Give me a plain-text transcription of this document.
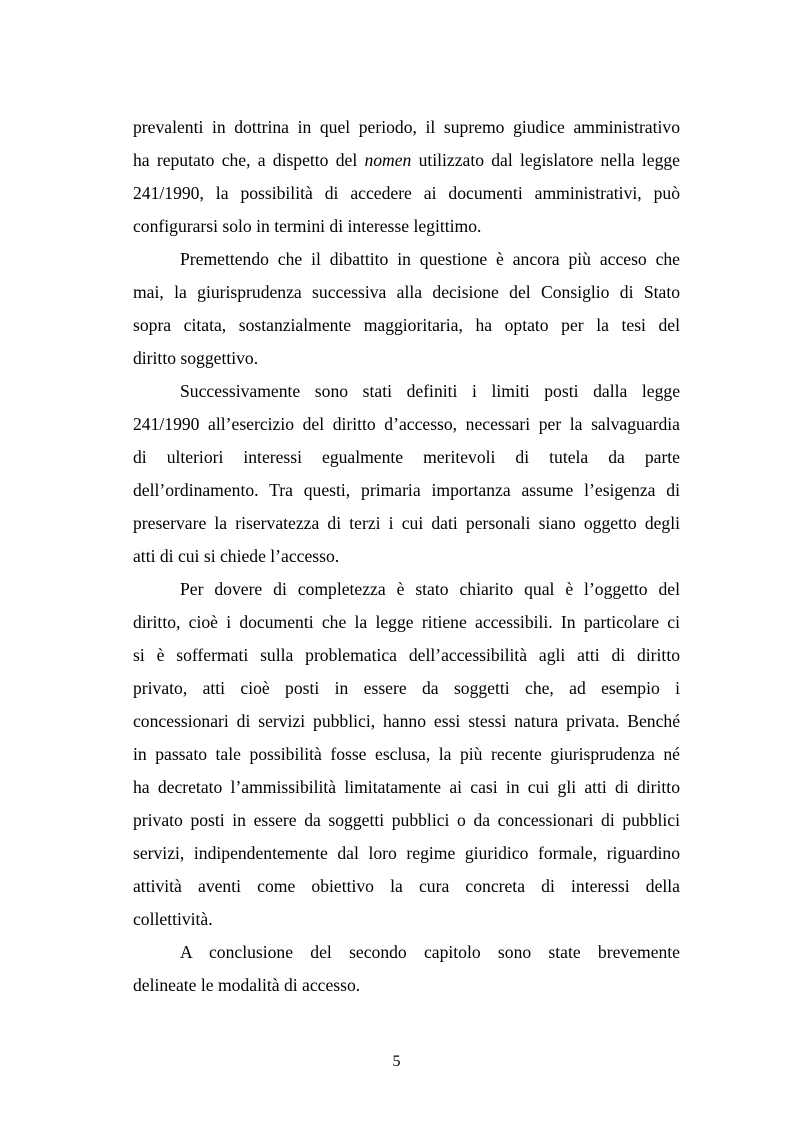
prevalenti in dottrina in quel periodo, il supremo giudice amministrativo
ha reputato che, a dispetto del nomen utilizzato dal legislatore nella legge
241/1990, la possibilità di accedere ai documenti amministrativi, può
configurarsi solo in termini di interesse legittimo.
Premettendo che il dibattito in questione è ancora più acceso che
mai, la giurisprudenza successiva alla decisione del Consiglio di Stato
sopra citata, sostanzialmente maggioritaria, ha optato per la tesi del
diritto soggettivo.
Successivamente sono stati definiti i limiti posti dalla legge
241/1990 all’esercizio del diritto d’accesso, necessari per la salvaguardia
di ulteriori interessi egualmente meritevoli di tutela da parte
dell’ordinamento. Tra questi, primaria importanza assume l’esigenza di
preservare la riservatezza di terzi i cui dati personali siano oggetto degli
atti di cui si chiede l’accesso.
Per dovere di completezza è stato chiarito qual è l’oggetto del
diritto, cioè i documenti che la legge ritiene accessibili. In particolare ci
si è soffermati sulla problematica dell’accessibilità agli atti di diritto
privato, atti cioè posti in essere da soggetti che, ad esempio i
concessionari di servizi pubblici, hanno essi stessi natura privata. Benché
in passato tale possibilità fosse esclusa, la più recente giurisprudenza né
ha decretato l’ammissibilità limitatamente ai casi in cui gli atti di diritto
privato posti in essere da soggetti pubblici o da concessionari di pubblici
servizi, indipendentemente dal loro regime giuridico formale, riguardino
attività aventi come obiettivo la cura concreta di interessi della
collettività.
A conclusione del secondo capitolo sono state brevemente
delineate le modalità di accesso.
5
